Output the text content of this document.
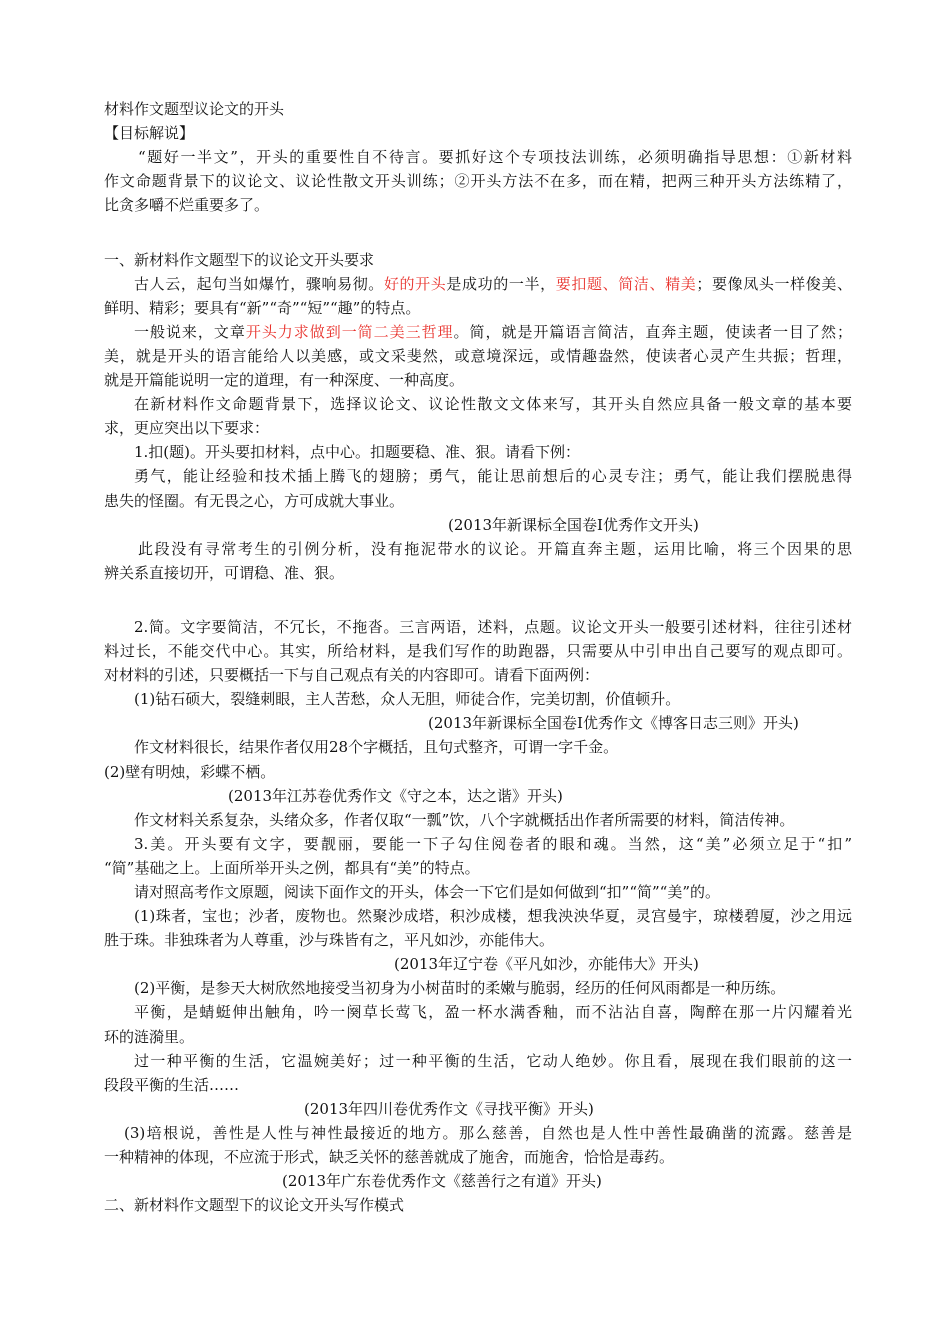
材料作文题型议论文的开头
【目标解说】
“题好一半文”，开头的重要性自不待言。要抓好这个专项技法训练，必须明确指导思想：①新材料
作文命题背景下的议论文、议论性散文开头训练；②开头方法不在多，而在精，把两三种开头方法练精了，
比贪多嚼不烂重要多了。
一、新材料作文题型下的议论文开头要求
古人云，起句当如爆竹，骤响易彻。好的开头是成功的一半，要扣题、简洁、精美；要像凤头一样俊美、
鲜明、精彩；要具有“新”“奇”“短”“趣”的特点。
一般说来，文章开头力求做到一简二美三哲理。简，就是开篇语言简洁，直奔主题，使读者一目了然；
美，就是开头的语言能给人以美感，或文采斐然，或意境深远，或情趣盎然，使读者心灵产生共振；哲理，
就是开篇能说明一定的道理，有一种深度、一种高度。
在新材料作文命题背景下，选择议论文、议论性散文文体来写，其开头自然应具备一般文章的基本要
求，更应突出以下要求：
1.扣(题)。开头要扣材料，点中心。扣题要稳、准、狠。请看下例：
勇气，能让经验和技术插上腾飞的翅膀；勇气，能让思前想后的心灵专注；勇气，能让我们摆脱患得
患失的怪圈。有无畏之心，方可成就大事业。
(2013年新课标全国卷Ⅰ优秀作文开头)
此段没有寻常考生的引例分析，没有拖泥带水的议论。开篇直奔主题，运用比喻，将三个因果的思
辨关系直接切开，可谓稳、准、狠。
2.简。文字要简洁，不冗长，不拖沓。三言两语，述料，点题。议论文开头一般要引述材料，往往引述材
料过长，不能交代中心。其实，所给材料，是我们写作的助跑器，只需要从中引申出自己要写的观点即可。
对材料的引述，只要概括一下与自己观点有关的内容即可。请看下面两例：
(1)钻石硕大，裂缝刺眼，主人苦愁，众人无胆，师徒合作，完美切割，价值顿升。
(2013年新课标全国卷Ⅰ优秀作文《博客日志三则》开头)
作文材料很长，结果作者仅用28个字概括，且句式整齐，可谓一字千金。
(2)壁有明烛，彩蝶不栖。
(2013年江苏卷优秀作文《守之本，达之谐》开头)
作文材料关系复杂，头绪众多，作者仅取“一瓢”饮，八个字就概括出作者所需要的材料，简洁传神。
3.美。开头要有文字，要靓丽，要能一下子勾住阅卷者的眼和魂。当然，这“美”必须立足于“扣”
“简”基础之上。上面所举开头之例，都具有“美”的特点。
请对照高考作文原题，阅读下面作文的开头，体会一下它们是如何做到“扣”“简”“美”的。
(1)珠者，宝也；沙者，废物也。然聚沙成塔，积沙成楼，想我泱泱华夏，灵宫曼宇，琼楼碧厦，沙之用远
胜于珠。非独珠者为人尊重，沙与珠皆有之，平凡如沙，亦能伟大。
(2013年辽宁卷《平凡如沙，亦能伟大》开头)
(2)平衡，是参天大树欣然地接受当初身为小树苗时的柔嫩与脆弱，经历的任何风雨都是一种历练。
平衡，是蜻蜓伸出触角，吟一阕草长莺飞，盈一杯水满香釉，而不沾沾自喜，陶醉在那一片闪耀着光
环的涟漪里。
过一种平衡的生活，它温婉美好；过一种平衡的生活，它动人绝妙。你且看，展现在我们眼前的这一
段段平衡的生活……
(2013年四川卷优秀作文《寻找平衡》开头)
(3)培根说，善性是人性与神性最接近的地方。那么慈善，自然也是人性中善性最确凿的流露。慈善是
一种精神的体现，不应流于形式，缺乏关怀的慈善就成了施舍，而施舍，恰恰是毒药。
(2013年广东卷优秀作文《慈善行之有道》开头)
二、新材料作文题型下的议论文开头写作模式
